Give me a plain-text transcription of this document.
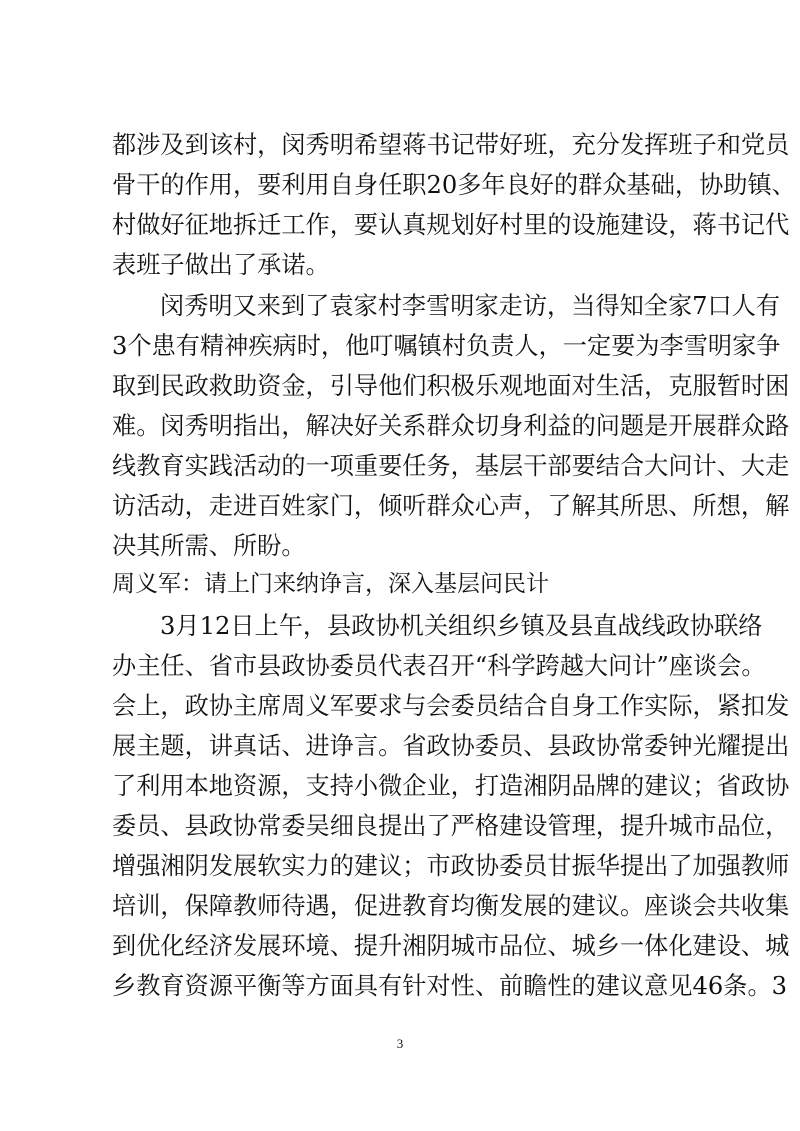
都涉及到该村，闵秀明希望蒋书记带好班，充分发挥班子和党员
骨干的作用，要利用自身任职20多年良好的群众基础，协助镇、
村做好征地拆迁工作，要认真规划好村里的设施建设，蒋书记代
表班子做出了承诺。
闵秀明又来到了袁家村李雪明家走访，当得知全家7口人有
3个患有精神疾病时，他叮嘱镇村负责人，一定要为李雪明家争
取到民政救助资金，引导他们积极乐观地面对生活，克服暂时困
难。闵秀明指出，解决好关系群众切身利益的问题是开展群众路
线教育实践活动的一项重要任务，基层干部要结合大问计、大走
访活动，走进百姓家门，倾听群众心声，了解其所思、所想，解
决其所需、所盼。
周义军：请上门来纳诤言，深入基层问民计
3月12日上午，县政协机关组织乡镇及县直战线政协联络
办主任、省市县政协委员代表召开“科学跨越大问计”座谈会。
会上，政协主席周义军要求与会委员结合自身工作实际，紧扣发
展主题，讲真话、进诤言。省政协委员、县政协常委钟光耀提出
了利用本地资源，支持小微企业，打造湘阴品牌的建议；省政协
委员、县政协常委吴细良提出了严格建设管理，提升城市品位，
增强湘阴发展软实力的建议；市政协委员甘振华提出了加强教师
培训，保障教师待遇，促进教育均衡发展的建议。座谈会共收集
到优化经济发展环境、提升湘阴城市品位、城乡一体化建设、城
乡教育资源平衡等方面具有针对性、前瞻性的建议意见46条。3
3
